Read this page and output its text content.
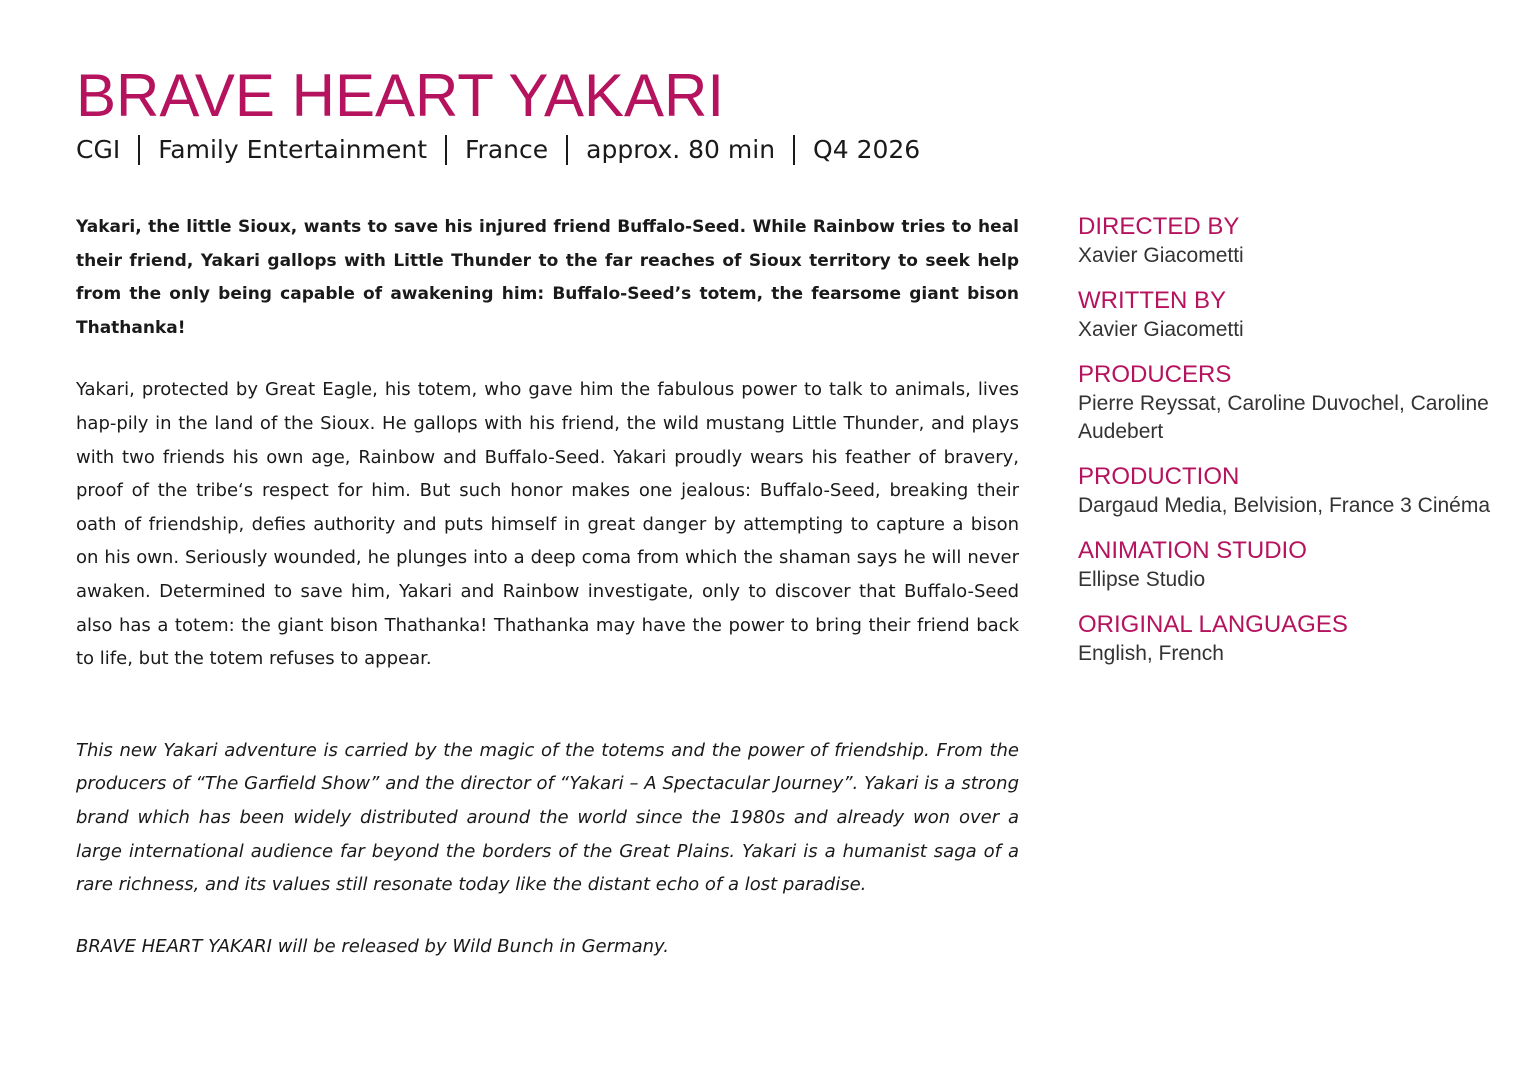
BRAVE HEART YAKARI
CGI Family Entertainment France approx. 80 min Q4 2026

Yakari, the little Sioux, wants to save his injured friend Buffalo-Seed. While Rainbow tries to heal their friend, Yakari gallops with Little Thunder to the far reaches of Sioux territory to seek help from the only being capable of awakening him: Buffalo-Seed’s totem, the fearsome giant bison Thathanka!

Yakari, protected by Great Eagle, his totem, who gave him the fabulous power to talk to animals, lives hap-pily in the land of the Sioux. He gallops with his friend, the wild mustang Little Thunder, and plays with two friends his own age, Rainbow and Buffalo-Seed. Yakari proudly wears his feather of bravery, proof of the tribe‘s respect for him. But such honor makes one jealous: Buffalo-Seed, breaking their oath of friendship, defies authority and puts himself in great danger by attempting to capture a bison on his own. Seriously wounded, he plunges into a deep coma from which the shaman says he will never awaken. Determined to save him, Yakari and Rainbow investigate, only to discover that Buffalo-Seed also has a totem: the giant bison Thathanka! Thathanka may have the power to bring their friend back to life, but the totem refuses to appear.

This new Yakari adventure is carried by the magic of the totems and the power of friendship. From the producers of “The Garfield Show” and the director of “Yakari – A Spectacular Journey”. Yakari is a strong brand which has been widely distributed around the world since the 1980s and already won over a large international audience far beyond the borders of the Great Plains. Yakari is a humanist saga of a rare richness, and its values still resonate today like the distant echo of a lost paradise.

BRAVE HEART YAKARI will be released by Wild Bunch in Germany.

DIRECTED BY
Xavier Giacometti
WRITTEN BY
Xavier Giacometti
PRODUCERS
Pierre Reyssat, Caroline Duvochel, Caroline Audebert
PRODUCTION
Dargaud Media, Belvision, France 3 Cinéma
ANIMATION STUDIO
Ellipse Studio
ORIGINAL LANGUAGES
English, French
